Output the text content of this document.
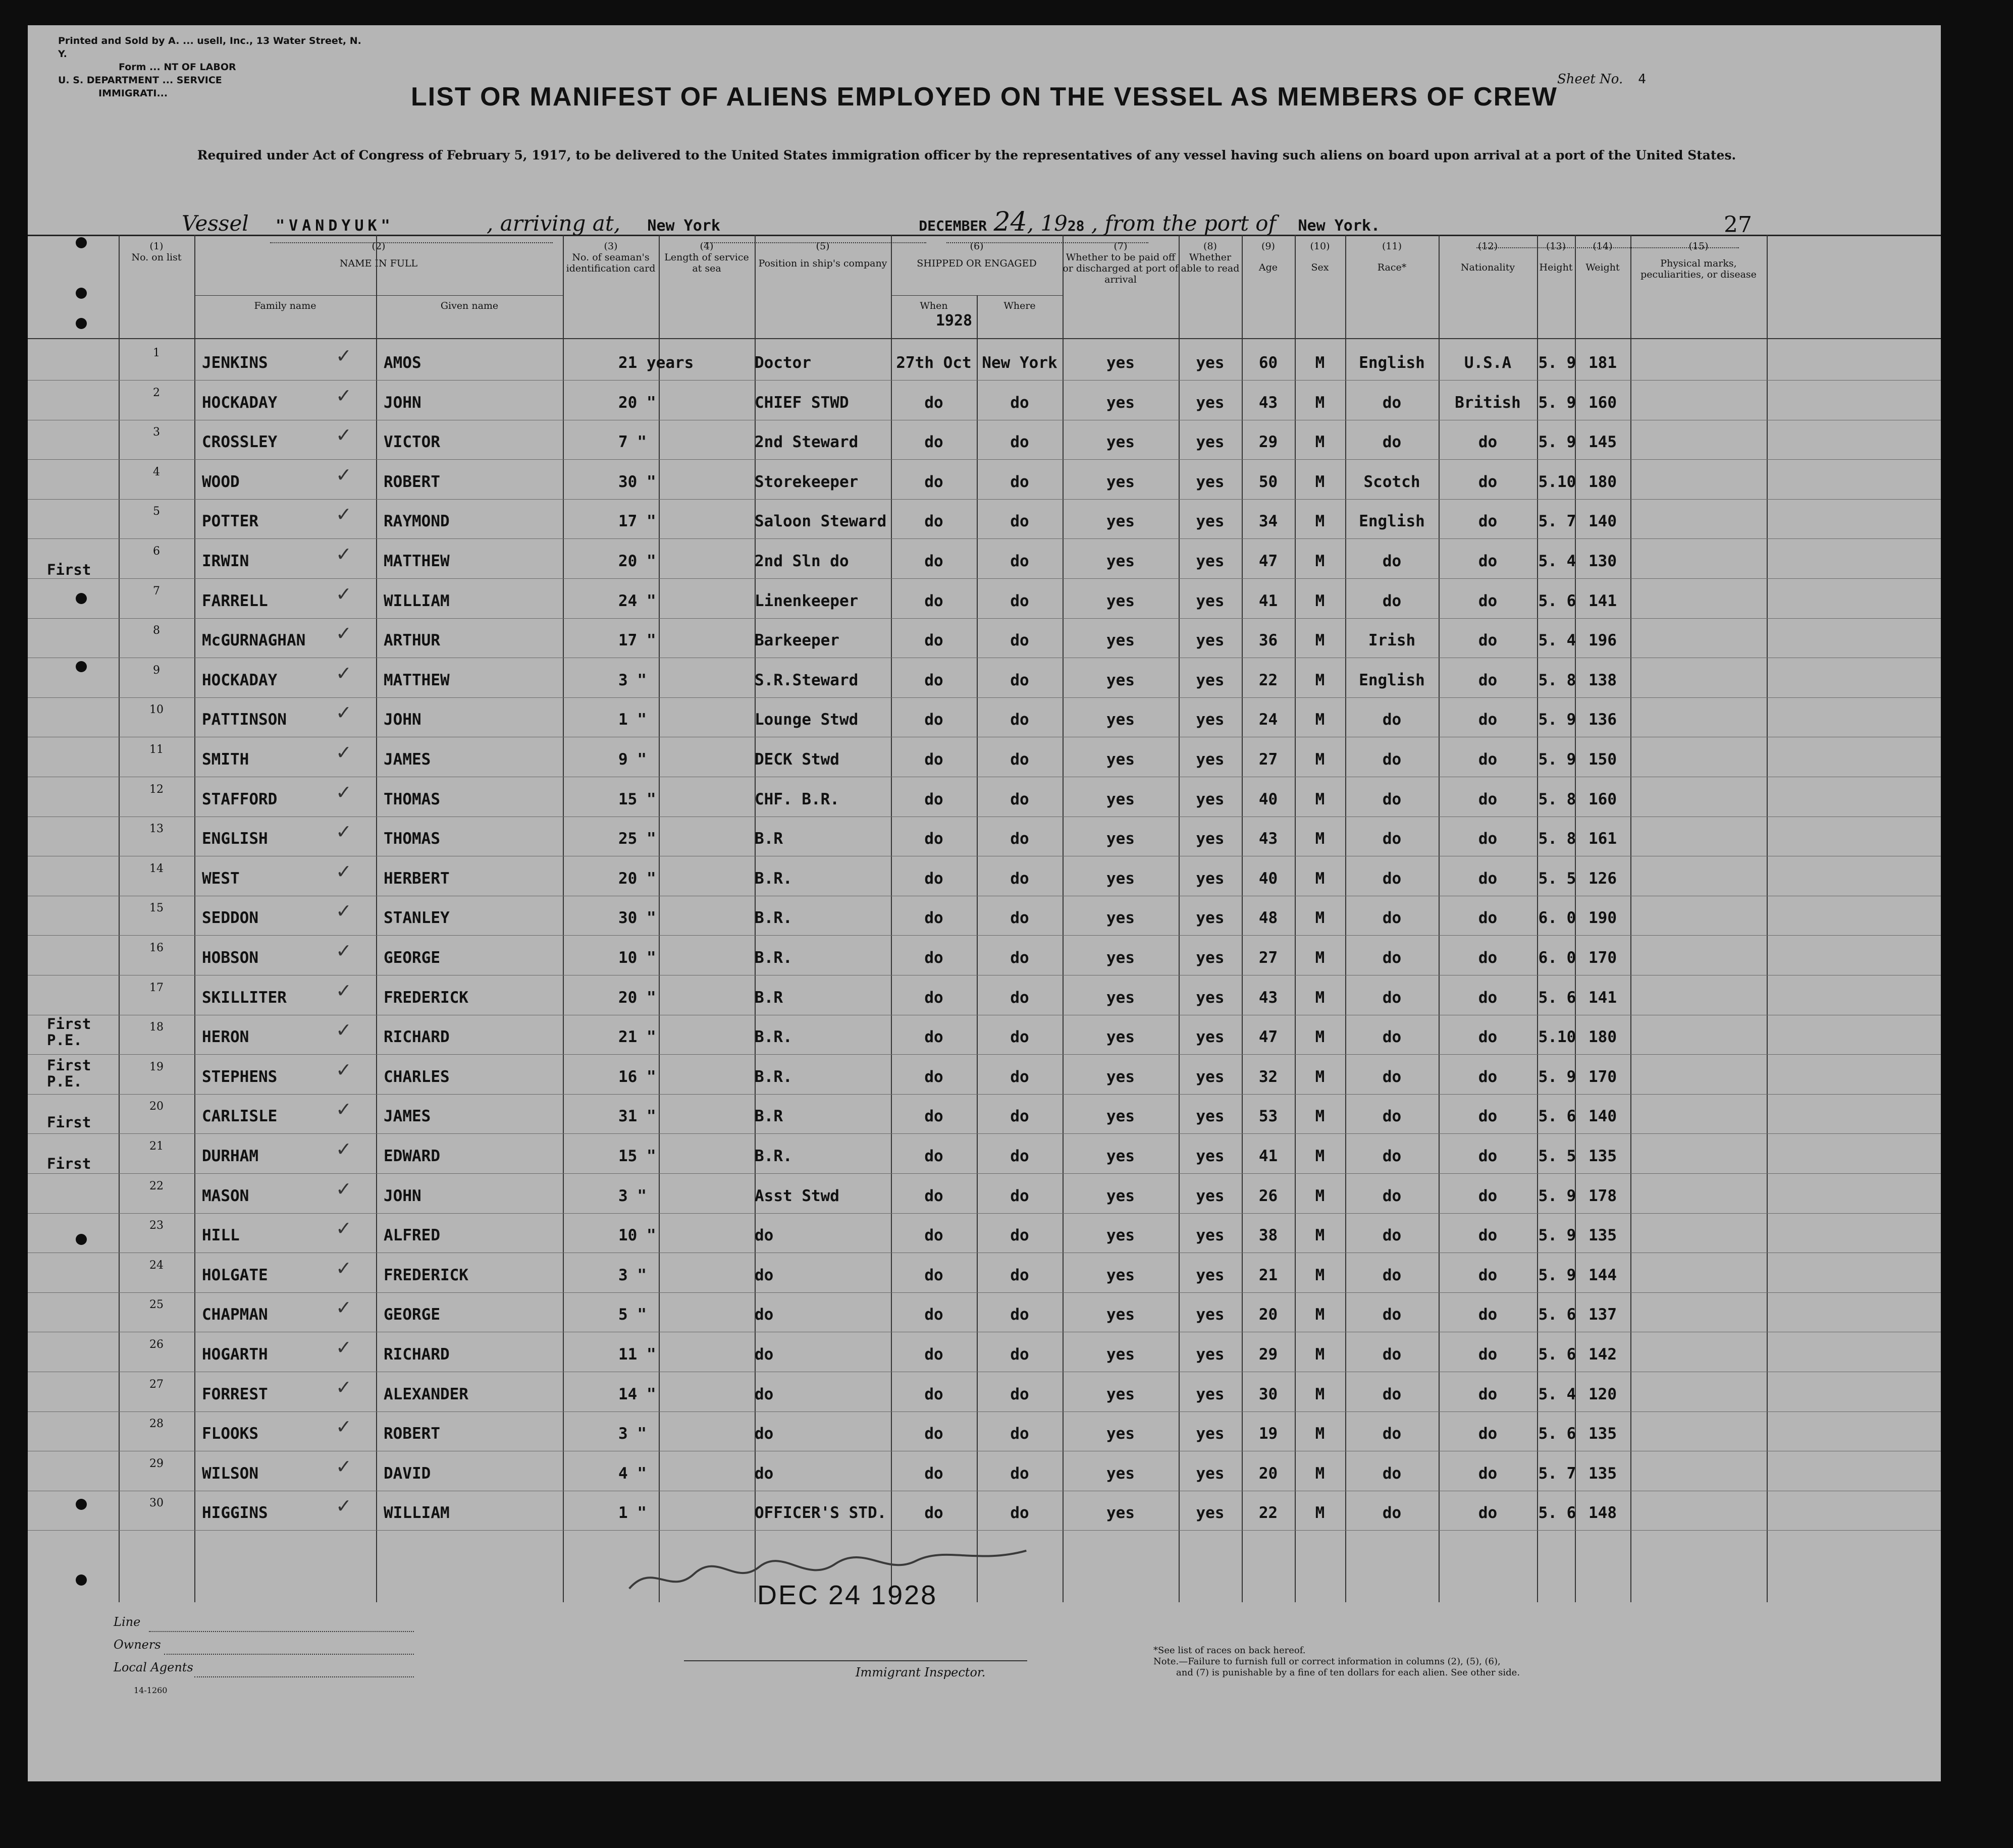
Printed and Sold by A. ... usell, Inc., 13 Water Street, N. Y.
Form ... NT OF LABOR
U. S. DEPARTMENT ... SERVICE
IMMIGRATI...
Sheet No. 4
LIST OR MANIFEST OF ALIENS EMPLOYED ON THE VESSEL AS MEMBERS OF CREW
Required under Act of Congress of February 5, 1917, to be delivered to the United States immigration officer by the representatives of any vessel having such aliens on board upon arrival at a port of the United States.
Vessel "VANDYUK"	, arriving at, New York	DECEMBER 24, 1928 , from the port of New York.	27
(1)
No. on list
(2)
NAME IN FULL
Family name	Given name
(3)
No. of seaman's identification card
(4)
Length of service at sea
(5)
Position in ship's company
(6)
SHIPPED OR ENGAGED
When	Where
1928
(7)
Whether to be paid off or discharged at port of arrival
(8)
Whether able to read
(9)
Age
(10)
Sex
(11)
Race*
(12)
Nationality
(13)
Height
(14)
Weight
(15)
Physical marks, peculiarities, or disease
1
JENKINS	AMOS	21 years	Doctor	27th Oct New York	yes	yes	60	M	English	U.S.A	5. 9 181
✓
2
HOCKADAY	JOHN	20 "	CHIEF STWD	do	do	yes	yes	43	M	do	British	5. 9 160
✓
3
CROSSLEY	VICTOR	7 "	2nd Steward	do	do	yes	yes	29	M	do	do	5. 9 145
✓
4
WOOD	ROBERT	30 "	Storekeeper	do	do	yes	yes	50	M	Scotch	do	5.10 180
✓
5
POTTER	RAYMOND	17 "	Saloon Steward	do	do	yes	yes	34	M	English	do	5. 7 140
✓
6
IRWIN	MATTHEW	20 "	2nd Sln do	do	do	yes	yes	47	M	do	do	5. 4 130
✓
7
FARRELL	WILLIAM	24 "	Linenkeeper	do	do	yes	yes	41	M	do	do	5. 6 141
✓
8
McGURNAGHAN	ARTHUR	17 "	Barkeeper	do	do	yes	yes	36	M	Irish	do	5. 4 196
✓
9
HOCKADAY	MATTHEW	3 "	S.R.Steward	do	do	yes	yes	22	M	English	do	5. 8 138
✓
10
PATTINSON	JOHN	1 "	Lounge Stwd	do	do	yes	yes	24	M	do	do	5. 9 136
✓
11
SMITH	JAMES	9 "	DECK Stwd	do	do	yes	yes	27	M	do	do	5. 9 150
✓
12
STAFFORD	THOMAS	15 "	CHF. B.R.	do	do	yes	yes	40	M	do	do	5. 8 160
✓
13
ENGLISH	THOMAS	25 "	B.R	do	do	yes	yes	43	M	do	do	5. 8 161
✓
14
WEST	HERBERT	20 "	B.R.	do	do	yes	yes	40	M	do	do	5. 5 126
✓
15
SEDDON	STANLEY	30 "	B.R.	do	do	yes	yes	48	M	do	do	6. 0 190
✓
16
HOBSON	GEORGE	10 "	B.R.	do	do	yes	yes	27	M	do	do	6. 0 170
✓
17
SKILLITER	FREDERICK	20 "	B.R	do	do	yes	yes	43	M	do	do	5. 6 141
✓
18
HERON	RICHARD	21 "	B.R.	do	do	yes	yes	47	M	do	do	5.10 180
✓
19
STEPHENS	CHARLES	16 "	B.R.	do	do	yes	yes	32	M	do	do	5. 9 170
✓
20
CARLISLE	JAMES	31 "	B.R	do	do	yes	yes	53	M	do	do	5. 6 140
✓
21
DURHAM	EDWARD	15 "	B.R.	do	do	yes	yes	41	M	do	do	5. 5 135
✓
22
MASON	JOHN	3 "	Asst Stwd	do	do	yes	yes	26	M	do	do	5. 9 178
✓
23
HILL	ALFRED	10 "	do	do	do	yes	yes	38	M	do	do	5. 9 135
✓
24
HOLGATE	FREDERICK	3 "	do	do	do	yes	yes	21	M	do	do	5. 9 144
✓
25
CHAPMAN	GEORGE	5 "	do	do	do	yes	yes	20	M	do	do	5. 6 137
✓
26
HOGARTH	RICHARD	11 "	do	do	do	yes	yes	29	M	do	do	5. 6 142
✓
27
FORREST	ALEXANDER	14 "	do	do	do	yes	yes	30	M	do	do	5. 4 120
✓
28
FLOOKS	ROBERT	3 "	do	do	do	yes	yes	19	M	do	do	5. 6 135
✓
29
WILSON	DAVID	4 "	do	do	do	yes	yes	20	M	do	do	5. 7 135
✓
30
HIGGINS	WILLIAM	1 "	OFFICER'S STD.	do	do	yes	yes	22	M	do	do	5. 6 148
✓
First
First
P.E.
First
P.E.
First
First
DEC 24 1928
Line
Owners
Local Agents
14-1260
Immigrant Inspector.
*See list of races on back hereof.
Note.—Failure to furnish full or correct information in columns (2), (5), (6),
and (7) is punishable by a fine of ten dollars for each alien. See other side.
